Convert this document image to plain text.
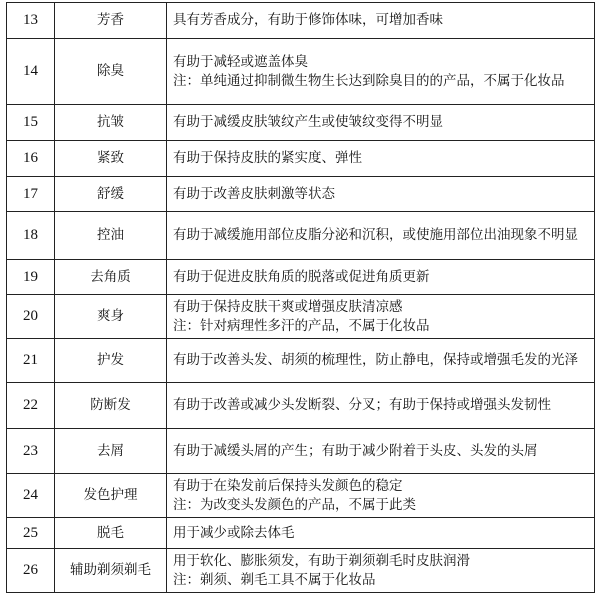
13	芳香	具有芳香成分，有助于修饰体味，可增加香味

14	除臭	有助于减轻或遮盖体臭
注：单纯通过抑制微生物生长达到除臭目的的产品，不属于化妆品

15	抗皱	有助于减缓皮肤皱纹产生或使皱纹变得不明显

16	紧致	有助于保持皮肤的紧实度、弹性

17	舒缓	有助于改善皮肤刺激等状态

18	控油	有助于减缓施用部位皮脂分泌和沉积，或使施用部位出油现象不明显

19	去角质	有助于促进皮肤角质的脱落或促进角质更新

20	爽身	有助于保持皮肤干爽或增强皮肤清凉感
注：针对病理性多汗的产品，不属于化妆品

21	护发	有助于改善头发、胡须的梳理性，防止静电，保持或增强毛发的光泽

22	防断发	有助于改善或减少头发断裂、分叉；有助于保持或增强头发韧性

23	去屑	有助于减缓头屑的产生；有助于减少附着于头皮、头发的头屑

24	发色护理	有助于在染发前后保持头发颜色的稳定
注：为改变头发颜色的产品，不属于此类

25	脱毛	用于减少或除去体毛

26	辅助剃须剃毛	用于软化、膨胀须发，有助于剃须剃毛时皮肤润滑
注：剃须、剃毛工具不属于化妆品
